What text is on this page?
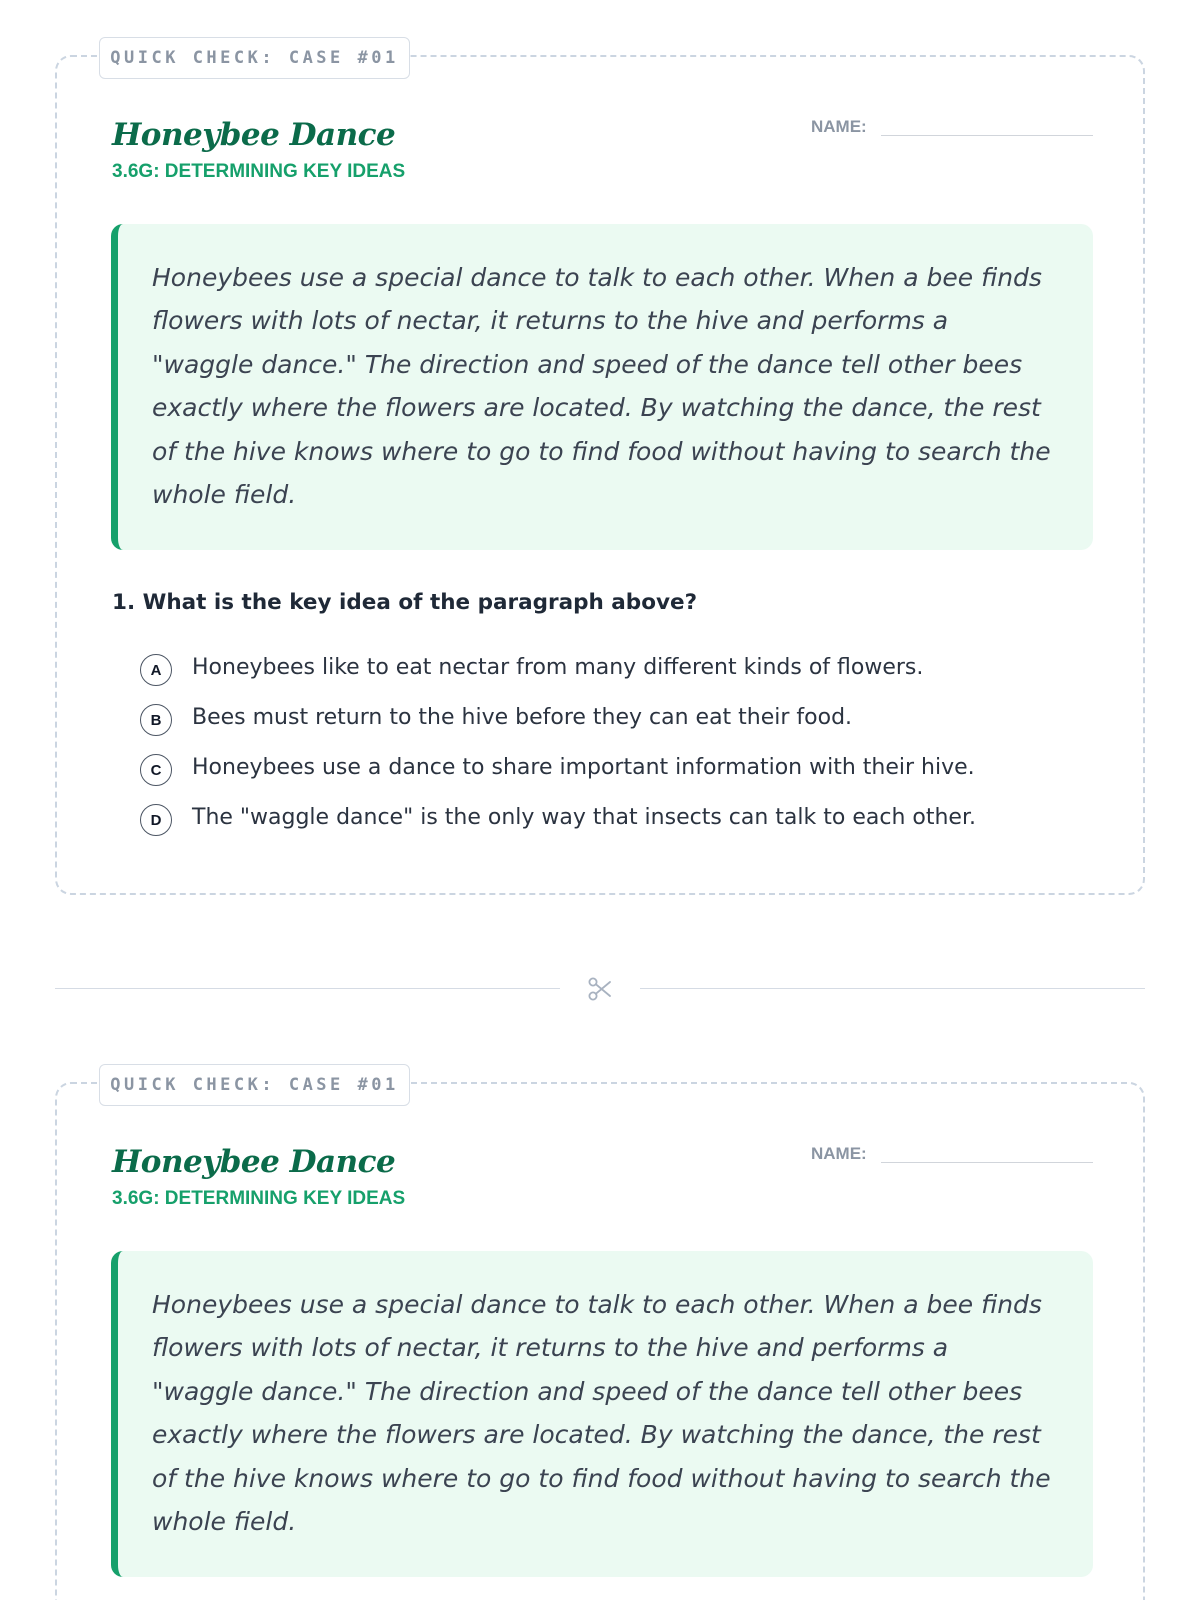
QUICK CHECK: CASE #01
Honeybee Dance
3.6G: DETERMINING KEY IDEAS
NAME:

Honeybees use a special dance to talk to each other. When a bee finds flowers with lots of nectar, it returns to the hive and performs a "waggle dance." The direction and speed of the dance tell other bees exactly where the flowers are located. By watching the dance, the rest of the hive knows where to go to find food without having to search the whole field.

1. What is the key idea of the paragraph above?
A	Honeybees like to eat nectar from many different kinds of flowers.
B	Bees must return to the hive before they can eat their food.
C	Honeybees use a dance to share important information with their hive.
D	The "waggle dance" is the only way that insects can talk to each other.
QUICK CHECK: CASE #01
Honeybee Dance
3.6G: DETERMINING KEY IDEAS
NAME:

Honeybees use a special dance to talk to each other. When a bee finds flowers with lots of nectar, it returns to the hive and performs a "waggle dance." The direction and speed of the dance tell other bees exactly where the flowers are located. By watching the dance, the rest of the hive knows where to go to find food without having to search the whole field.
